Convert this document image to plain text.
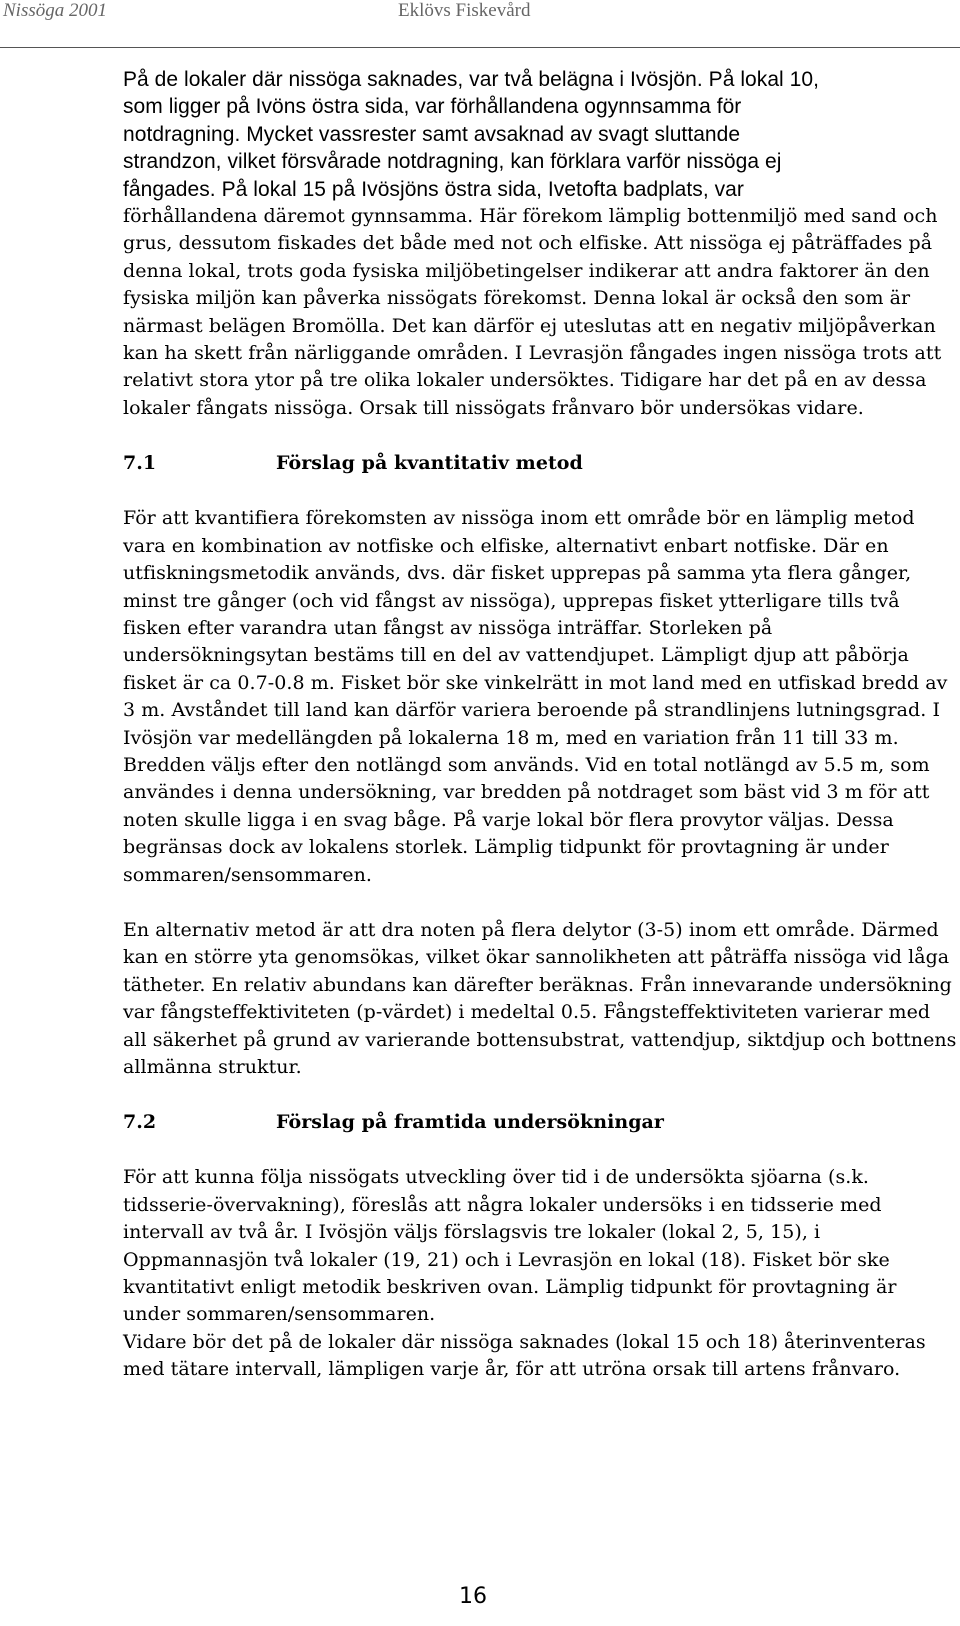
Nissöga 2001	Eklövs Fiskevård

På de lokaler där nissöga saknades, var två belägna i Ivösjön. På lokal 10,

som ligger på Ivöns östra sida, var förhållandena ogynnsamma för

notdragning. Mycket vassrester samt avsaknad av svagt sluttande

strandzon, vilket försvårade notdragning, kan förklara varför nissöga ej

fångades. På lokal 15 på Ivösjöns östra sida, Ivetofta badplats, var

förhållandena däremot gynnsamma. Här förekom lämplig bottenmiljö med sand och grus, dessutom fiskades det både med not och elfiske. Att nissöga ej påträffades på denna lokal, trots goda fysiska miljöbetingelser indikerar att andra faktorer än den fysiska miljön kan påverka nissögats förekomst. Denna lokal är också den som är närmast belägen Bromölla. Det kan därför ej uteslutas att en negativ miljöpåverkan kan ha skett från närliggande områden. I Levrasjön fångades ingen nissöga trots att relativt stora ytor på tre olika lokaler undersöktes. Tidigare har det på en av dessa lokaler fångats nissöga. Orsak till nissögats frånvaro bör undersökas vidare.

7.1	Förslag på kvantitativ metod

För att kvantifiera förekomsten av nissöga inom ett område bör en lämplig metod vara en kombination av notfiske och elfiske, alternativt enbart notfiske. Där en utfiskningsmetodik används, dvs. där fisket upprepas på samma yta flera gånger, minst tre gånger (och vid fångst av nissöga), upprepas fisket ytterligare tills två fisken efter varandra utan fångst av nissöga inträffar. Storleken på undersökningsytan bestäms till en del av vattendjupet. Lämpligt djup att påbörja fisket är ca 0.7-0.8 m. Fisket bör ske vinkelrätt in mot land med en utfiskad bredd av 3 m. Avståndet till land kan därför variera beroende på strandlinjens lutningsgrad. I Ivösjön var medellängden på lokalerna 18 m, med en variation från 11 till 33 m. Bredden väljs efter den notlängd som används. Vid en total notlängd av 5.5 m, som användes i denna undersökning, var bredden på notdraget som bäst vid 3 m för att noten skulle ligga i en svag båge. På varje lokal bör flera provytor väljas. Dessa begränsas dock av lokalens storlek. Lämplig tidpunkt för provtagning är under sommaren/sensommaren.

En alternativ metod är att dra noten på flera delytor (3-5) inom ett område. Därmed kan en större yta genomsökas, vilket ökar sannolikheten att påträffa nissöga vid låga tätheter. En relativ abundans kan därefter beräknas. Från innevarande undersökning var fångsteffektiviteten (p-värdet) i medeltal 0.5. Fångsteffektiviteten varierar med all säkerhet på grund av varierande bottensubstrat, vattendjup, siktdjup och bottnens allmänna struktur.

7.2	Förslag på framtida undersökningar

För att kunna följa nissögats utveckling över tid i de undersökta sjöarna (s.k. tidsserie-övervakning), föreslås att några lokaler undersöks i en tidsserie med intervall av två år. I Ivösjön väljs förslagsvis tre lokaler (lokal 2, 5, 15), i Oppmannasjön två lokaler (19, 21) och i Levrasjön en lokal (18). Fisket bör ske kvantitativt enligt metodik beskriven ovan. Lämplig tidpunkt för provtagning är under sommaren/sensommaren.

Vidare bör det på de lokaler där nissöga saknades (lokal 15 och 18) återinventeras med tätare intervall, lämpligen varje år, för att utröna orsak till artens frånvaro.

16
